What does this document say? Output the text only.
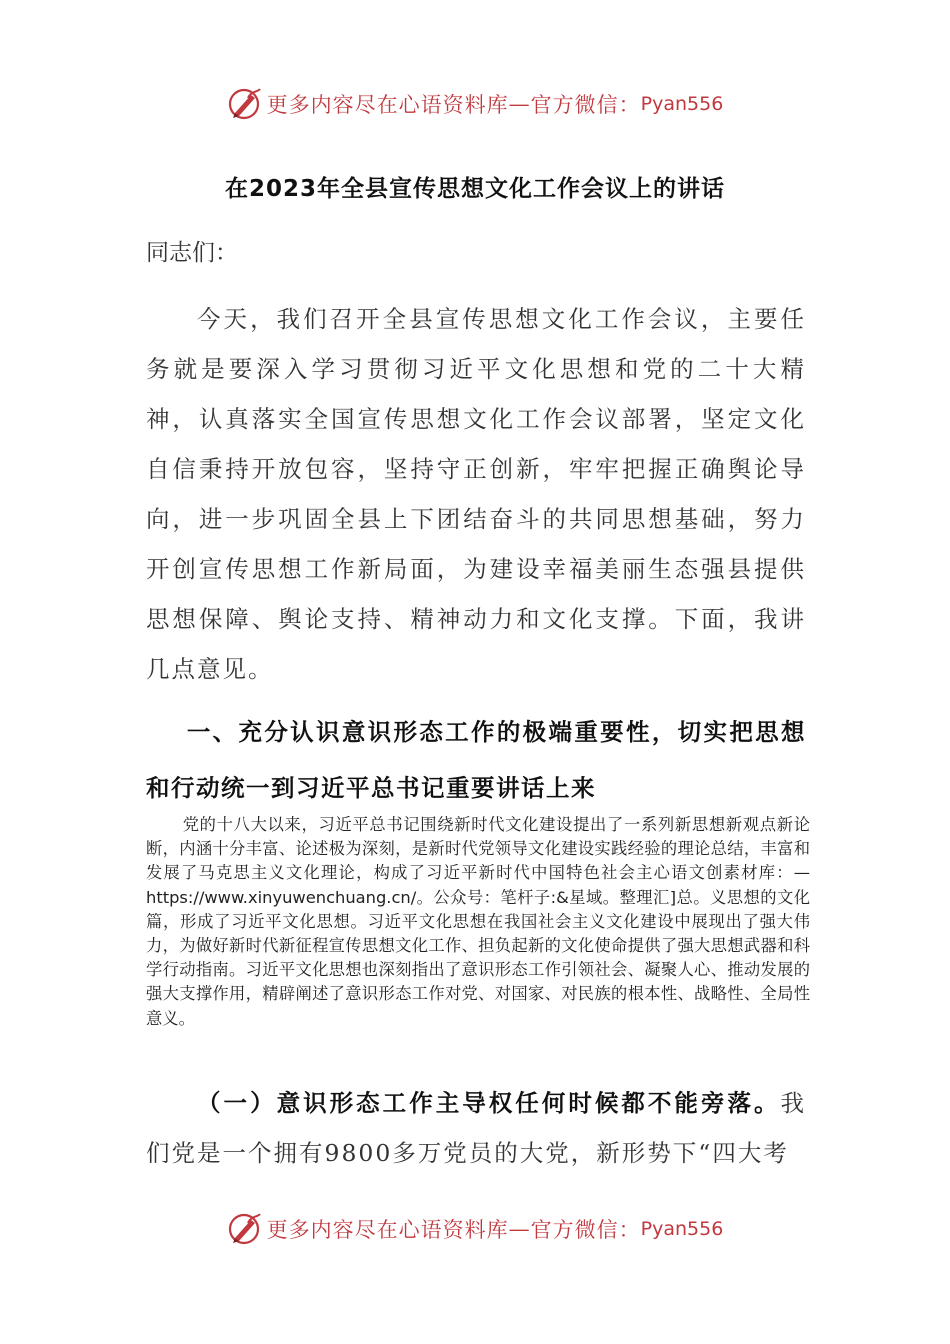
更多内容尽在心语资料库 — 官方微信： Pyan556
在2023年全县宣传思想文化工作会议上的讲话
同志们：
今天，我们召开全县宣传思想文化工作会议，主要任务就是要深入学习贯彻习近平文化思想和党的二十大精神，认真落实全国宣传思想文化工作会议部署，坚定文化自信秉持开放包容，坚持守正创新，牢牢把握正确舆论导向，进一步巩固全县上下团结奋斗的共同思想基础，努力开创宣传思想工作新局面，为建设幸福美丽生态强县提供思想保障、舆论支持、精神动力和文化支撑。下面，我讲几点意见。
一、充分认识意识形态工作的极端重要性，切实把思想和行动统一到习近平总书记重要讲话上来
党的十八大以来，习近平总书记围绕新时代文化建设提出了一系列新思想新观点新论断，内涵十分丰富、论述极为深刻，是新时代党领导文化建设实践经验的理论总结，丰富和发展了马克思主义文化理论，构成了习近平新时代中国特色社会主心语文创素材库：—https://www.xinyuwenchuang.cn/。公众号：笔杆子:&星域。整理汇]总。义思想的文化篇，形成了习近平文化思想。习近平文化思想在我国社会主义文化建设中展现出了强大伟力，为做好新时代新征程宣传思想文化工作、担负起新的文化使命提供了强大思想武器和科学行动指南。习近平文化思想也深刻指出了意识形态工作引领社会、凝聚人心、推动发展的强大支撑作用，精辟阐述了意识形态工作对党、对国家、对民族的根本性、战略性、全局性意义。
（一）意识形态工作主导权任何时候都不能旁落。我们党是一个拥有9800多万党员的大党，新形势下“四大考
更多内容尽在心语资料库 — 官方微信： Pyan556
